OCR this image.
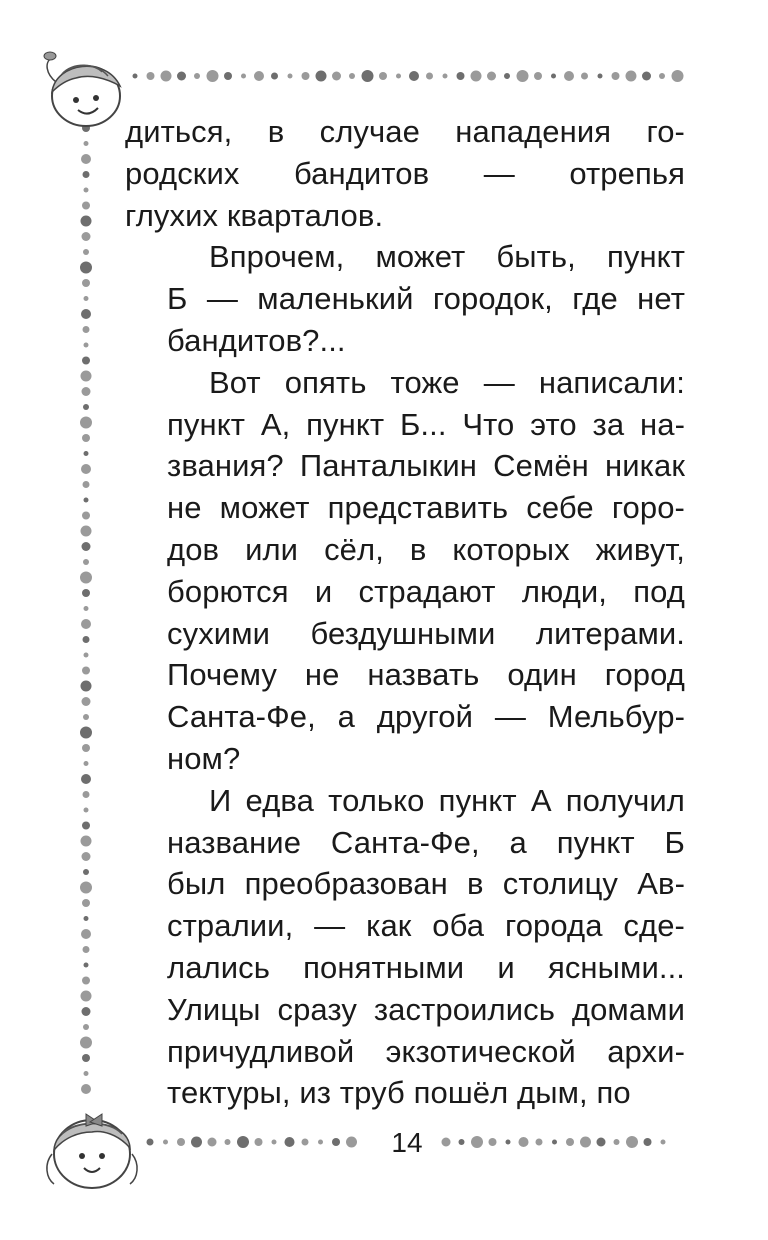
диться, в случае нападения го-
родских бандитов — отрепья
глухих кварталов.
Впрочем, может быть, пункт
Б — маленький городок, где нет
бандитов?...
Вот опять тоже — написали:
пункт А, пункт Б... Что это за на-
звания? Панталыкин Семён никак
не может представить себе горо-
дов или сёл, в которых живут,
борются и страдают люди, под
сухими бездушными литерами.
Почему не назвать один город
Санта-Фе, а другой — Мельбур-
ном?
И едва только пункт А получил
название Санта-Фе, а пункт Б
был преобразован в столицу Ав-
стралии, — как оба города сде-
лались понятными и ясными...
Улицы сразу застроились домами
причудливой экзотической архи-
тектуры, из труб пошёл дым, по
14
